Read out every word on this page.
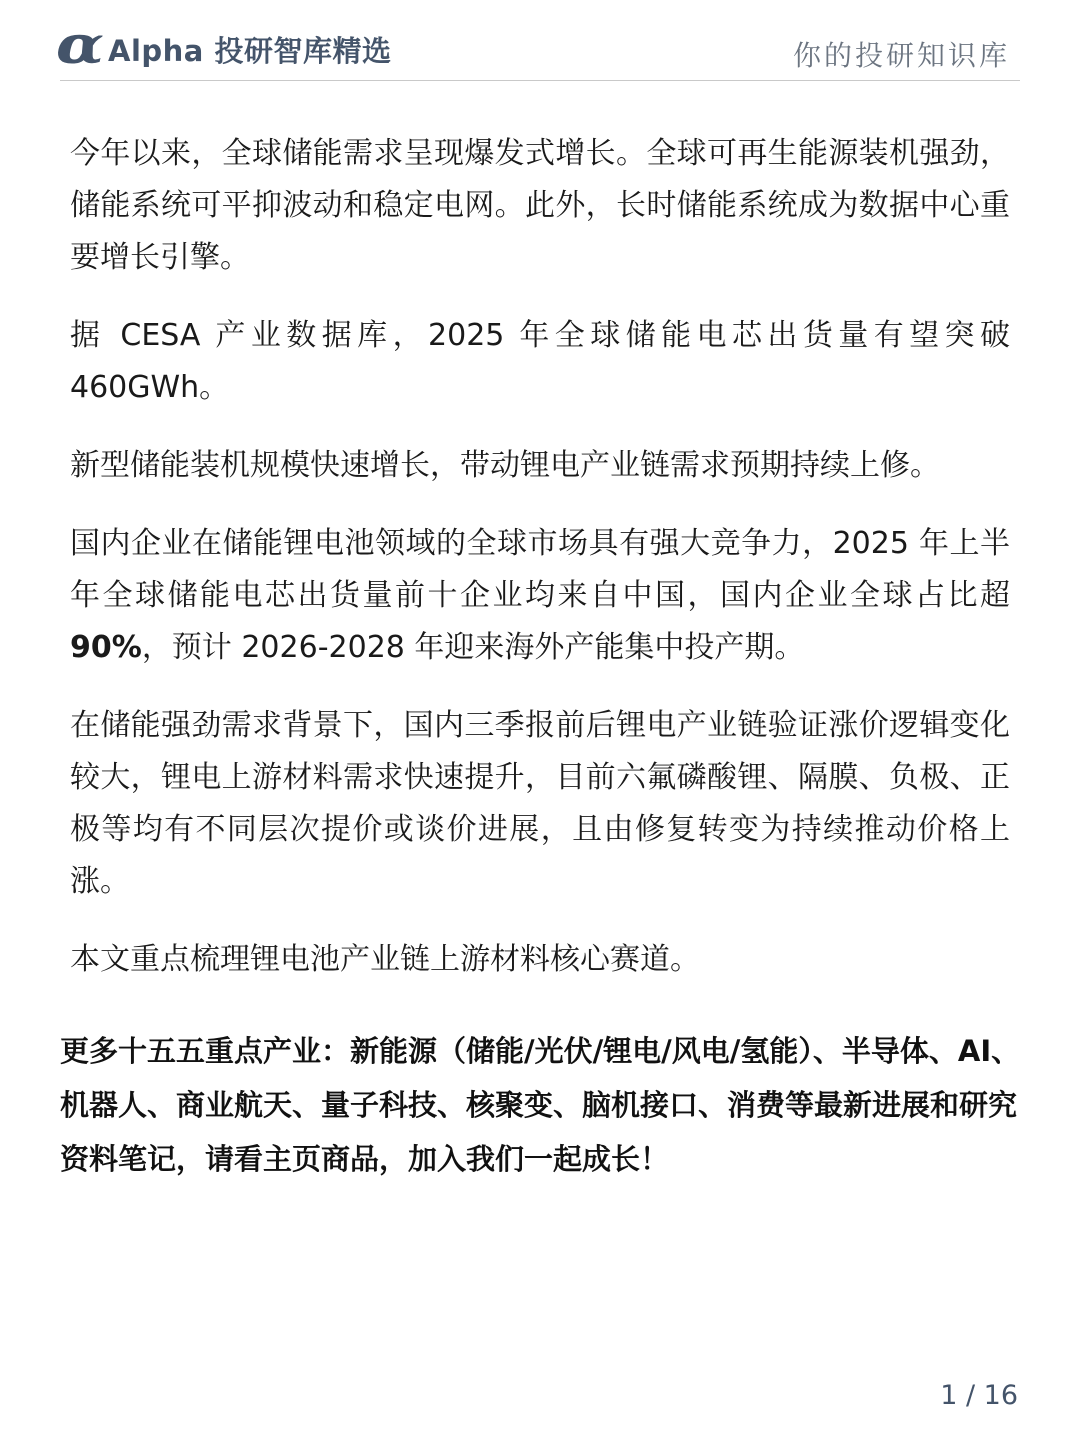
α Alpha 投研智库精选	你的投研知识库

今年以来，全球储能需求呈现爆发式增长。全球可再生能源装机强劲，储能系统可平抑波动和稳定电网。此外，长时储能系统成为数据中心重要增长引擎。

据 CESA 产业数据库，2025 年全球储能电芯出货量有望突破460GWh。

新型储能装机规模快速增长，带动锂电产业链需求预期持续上修。

国内企业在储能锂电池领域的全球市场具有强大竞争力，2025 年上半年全球储能电芯出货量前十企业均来自中国，国内企业全球占比超 90%，预计 2026-2028 年迎来海外产能集中投产期。

在储能强劲需求背景下，国内三季报前后锂电产业链验证涨价逻辑变化较大，锂电上游材料需求快速提升，目前六氟磷酸锂、隔膜、负极、正极等均有不同层次提价或谈价进展，且由修复转变为持续推动价格上涨。

本文重点梳理锂电池产业链上游材料核心赛道。

更多十五五重点产业：新能源（储能/光伏/锂电/风电/氢能）、半导体、AI、机器人、商业航天、量子科技、核聚变、脑机接口、消费等最新进展和研究资料笔记，请看主页商品，加入我们一起成长！

1 / 16
